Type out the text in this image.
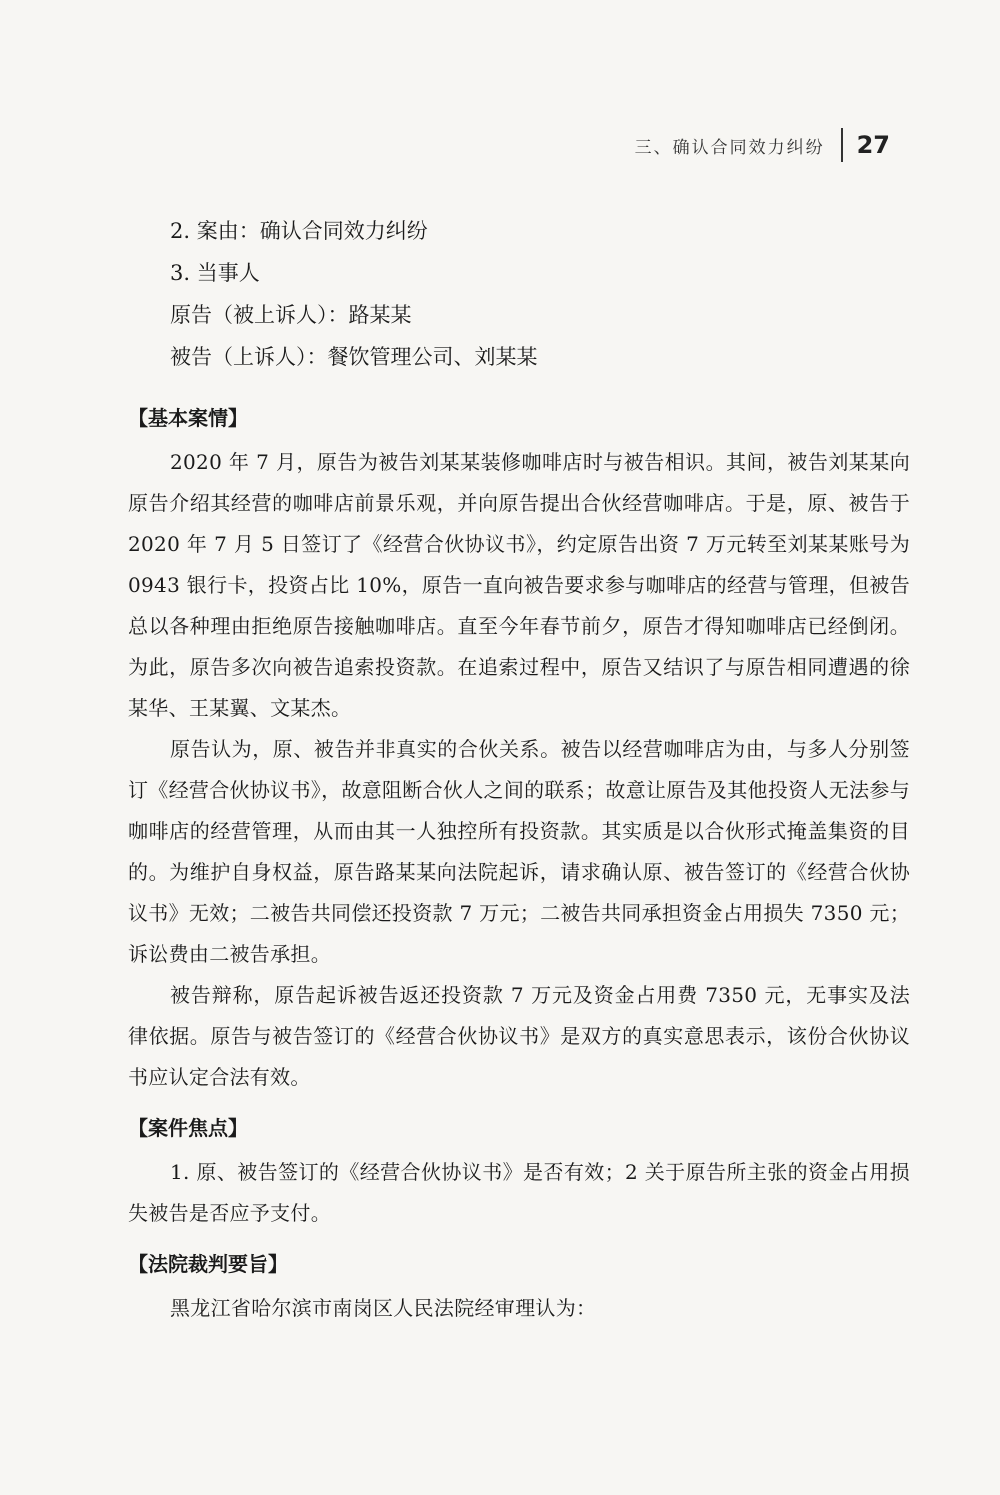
三、确认合同效力纠纷 27
2. 案由：确认合同效力纠纷
3. 当事人
原告（被上诉人）：路某某
被告（上诉人）：餐饮管理公司、刘某某
【基本案情】

2020 年 7 月，原告为被告刘某某装修咖啡店时与被告相识。其间，被告刘某某向原告介绍其经营的咖啡店前景乐观，并向原告提出合伙经营咖啡店。于是，原、被告于 2020 年 7 月 5 日签订了《经营合伙协议书》，约定原告出资 7 万元转至刘某某账号为 0943 银行卡，投资占比 10%，原告一直向被告要求参与咖啡店的经营与管理，但被告总以各种理由拒绝原告接触咖啡店。直至今年春节前夕，原告才得知咖啡店已经倒闭。为此，原告多次向被告追索投资款。在追索过程中，原告又结识了与原告相同遭遇的徐某华、王某翼、文某杰。

原告认为，原、被告并非真实的合伙关系。被告以经营咖啡店为由，与多人分别签订《经营合伙协议书》，故意阻断合伙人之间的联系；故意让原告及其他投资人无法参与咖啡店的经营管理，从而由其一人独控所有投资款。其实质是以合伙形式掩盖集资的目的。为维护自身权益，原告路某某向法院起诉，请求确认原、被告签订的《经营合伙协议书》无效；二被告共同偿还投资款 7 万元；二被告共同承担资金占用损失 7350 元；诉讼费由二被告承担。

被告辩称，原告起诉被告返还投资款 7 万元及资金占用费 7350 元，无事实及法律依据。原告与被告签订的《经营合伙协议书》是双方的真实意思表示，该份合伙协议书应认定合法有效。

【案件焦点】

1. 原、被告签订的《经营合伙协议书》是否有效；2 关于原告所主张的资金占用损失被告是否应予支付。

【法院裁判要旨】

黑龙江省哈尔滨市南岗区人民法院经审理认为：
